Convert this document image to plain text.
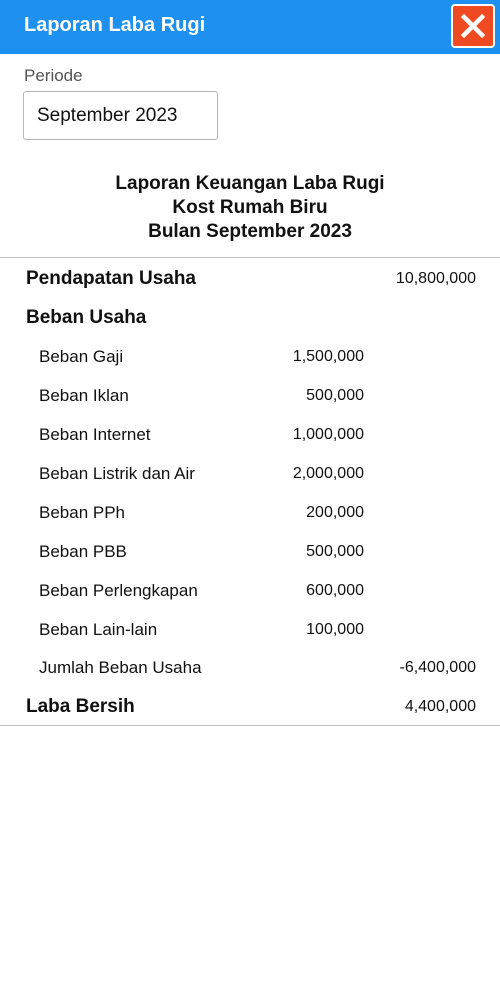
Laporan Laba Rugi
Periode
September 2023
Laporan Keuangan Laba Rugi
Kost Rumah Biru
Bulan September 2023
Pendapatan Usaha	10,800,000
Beban Usaha
Beban Gaji	1,500,000
Beban Iklan	500,000
Beban Internet	1,000,000
Beban Listrik dan Air	2,000,000
Beban PPh	200,000
Beban PBB	500,000
Beban Perlengkapan	600,000
Beban Lain-lain	100,000
Jumlah Beban Usaha	-6,400,000
Laba Bersih	4,400,000
